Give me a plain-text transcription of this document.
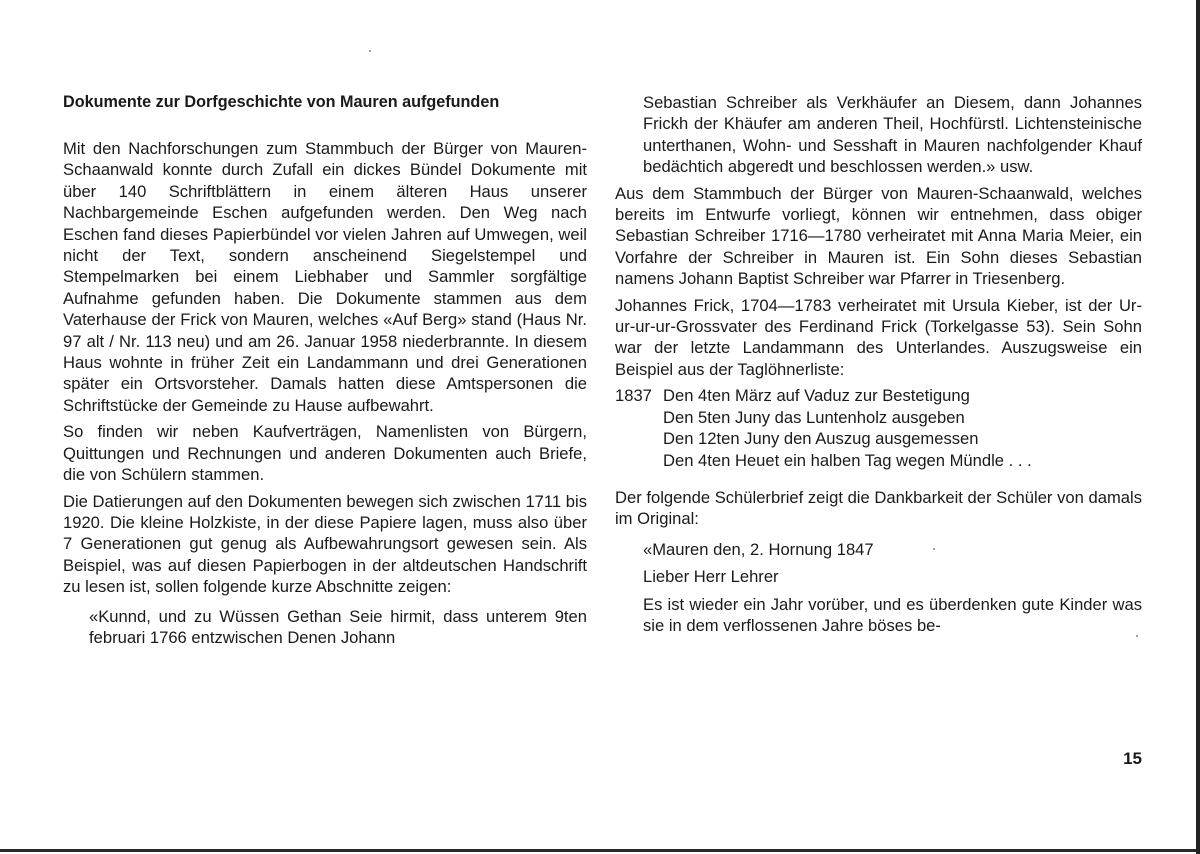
Dokumente zur Dorfgeschichte von Mauren aufgefunden

Mit den Nachforschungen zum Stammbuch der Bürger von Mauren-Schaanwald konnte durch Zufall ein dickes Bündel Dokumente mit über 140 Schriftblättern in einem älteren Haus unserer Nachbargemeinde Eschen aufgefunden werden. Den Weg nach Eschen fand dieses Papierbündel vor vielen Jahren auf Umwegen, weil nicht der Text, sondern anscheinend Siegelstempel und Stempelmarken bei einem Liebhaber und Sammler sorgfältige Aufnahme gefunden haben. Die Dokumente stammen aus dem Vaterhause der Frick von Mauren, welches «Auf Berg» stand (Haus Nr. 97 alt / Nr. 113 neu) und am 26. Januar 1958 niederbrannte. In diesem Haus wohnte in früher Zeit ein Landammann und drei Generationen später ein Ortsvorsteher. Damals hatten diese Amtspersonen die Schriftstücke der Gemeinde zu Hause aufbewahrt.

So finden wir neben Kaufverträgen, Namenlisten von Bürgern, Quittungen und Rechnungen und anderen Dokumenten auch Briefe, die von Schülern stammen.

Die Datierungen auf den Dokumenten bewegen sich zwischen 1711 bis 1920. Die kleine Holzkiste, in der diese Papiere lagen, muss also über 7 Generationen gut genug als Aufbewahrungsort gewesen sein. Als Beispiel, was auf diesen Papierbogen in der altdeutschen Handschrift zu lesen ist, sollen folgende kurze Abschnitte zeigen:

«Kunnd, und zu Wüssen Gethan Seie hirmit, dass unterem 9ten februari 1766 entzwischen Denen Johann

Sebastian Schreiber als Verkhäufer an Diesem, dann Johannes Frickh der Khäufer am anderen Theil, Hochfürstl. Lichtensteinische unterthanen, Wohn- und Sesshaft in Mauren nachfolgender Khauf bedächtich abgeredt und beschlossen werden.» usw.

Aus dem Stammbuch der Bürger von Mauren-Schaanwald, welches bereits im Entwurfe vorliegt, können wir entnehmen, dass obiger Sebastian Schreiber 1716—1780 verheiratet mit Anna Maria Meier, ein Vorfahre der Schreiber in Mauren ist. Ein Sohn dieses Sebastian namens Johann Baptist Schreiber war Pfarrer in Triesenberg.

Johannes Frick, 1704—1783 verheiratet mit Ursula Kieber, ist der Ur-ur-ur-ur-Grossvater des Ferdinand Frick (Torkelgasse 53). Sein Sohn war der letzte Landammann des Unterlandes. Auszugsweise ein Beispiel aus der Taglöhnerliste:

1837 Den 4ten März auf Vaduz zur Bestetigung
Den 5ten Juny das Luntenholz ausgeben
Den 12ten Juny den Auszug ausgemessen
Den 4ten Heuet ein halben Tag wegen Mündle . . .

Der folgende Schülerbrief zeigt die Dankbarkeit der Schüler von damals im Original:

«Mauren den, 2. Hornung 1847

Lieber Herr Lehrer

Es ist wieder ein Jahr vorüber, und es überdenken gute Kinder was sie in dem verflossenen Jahre böses be-

15
